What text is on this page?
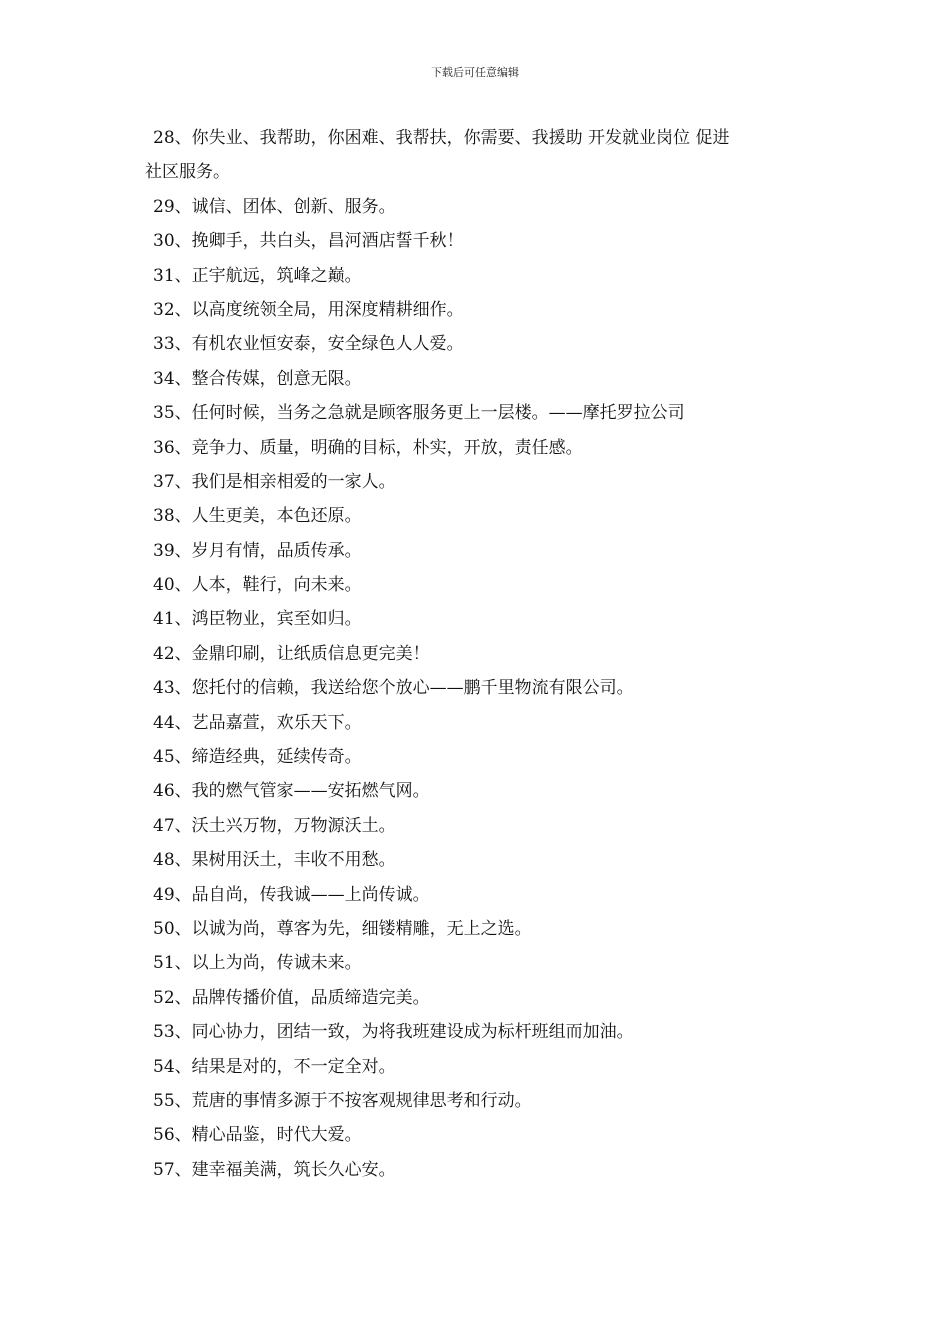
下载后可任意编辑
28、你失业、我帮助，你困难、我帮扶，你需要、我援助 开发就业岗位 促进
社区服务。
29、诚信、团体、创新、服务。
30、挽卿手，共白头，昌河酒店誓千秋！
31、正宇航远，筑峰之巅。
32、以高度统领全局，用深度精耕细作。
33、有机农业恒安泰，安全绿色人人爱。
34、整合传媒，创意无限。
35、任何时候，当务之急就是顾客服务更上一层楼。——摩托罗拉公司
36、竞争力、质量，明确的目标，朴实，开放，责任感。
37、我们是相亲相爱的一家人。
38、人生更美，本色还原。
39、岁月有情，品质传承。
40、人本，鞋行，向未来。
41、鸿臣物业，宾至如归。
42、金鼎印刷，让纸质信息更完美！
43、您托付的信赖，我送给您个放心——鹏千里物流有限公司。
44、艺品嘉萱，欢乐天下。
45、缔造经典，延续传奇。
46、我的燃气管家——安拓燃气网。
47、沃土兴万物，万物源沃土。
48、果树用沃土，丰收不用愁。
49、品自尚，传我诚——上尚传诚。
50、以诚为尚，尊客为先，细镂精雕，无上之选。
51、以上为尚，传诚未来。
52、品牌传播价值，品质缔造完美。
53、同心协力，团结一致，为将我班建设成为标杆班组而加油。
54、结果是对的，不一定全对。
55、荒唐的事情多源于不按客观规律思考和行动。
56、精心品鉴，时代大爱。
57、建幸福美满，筑长久心安。
